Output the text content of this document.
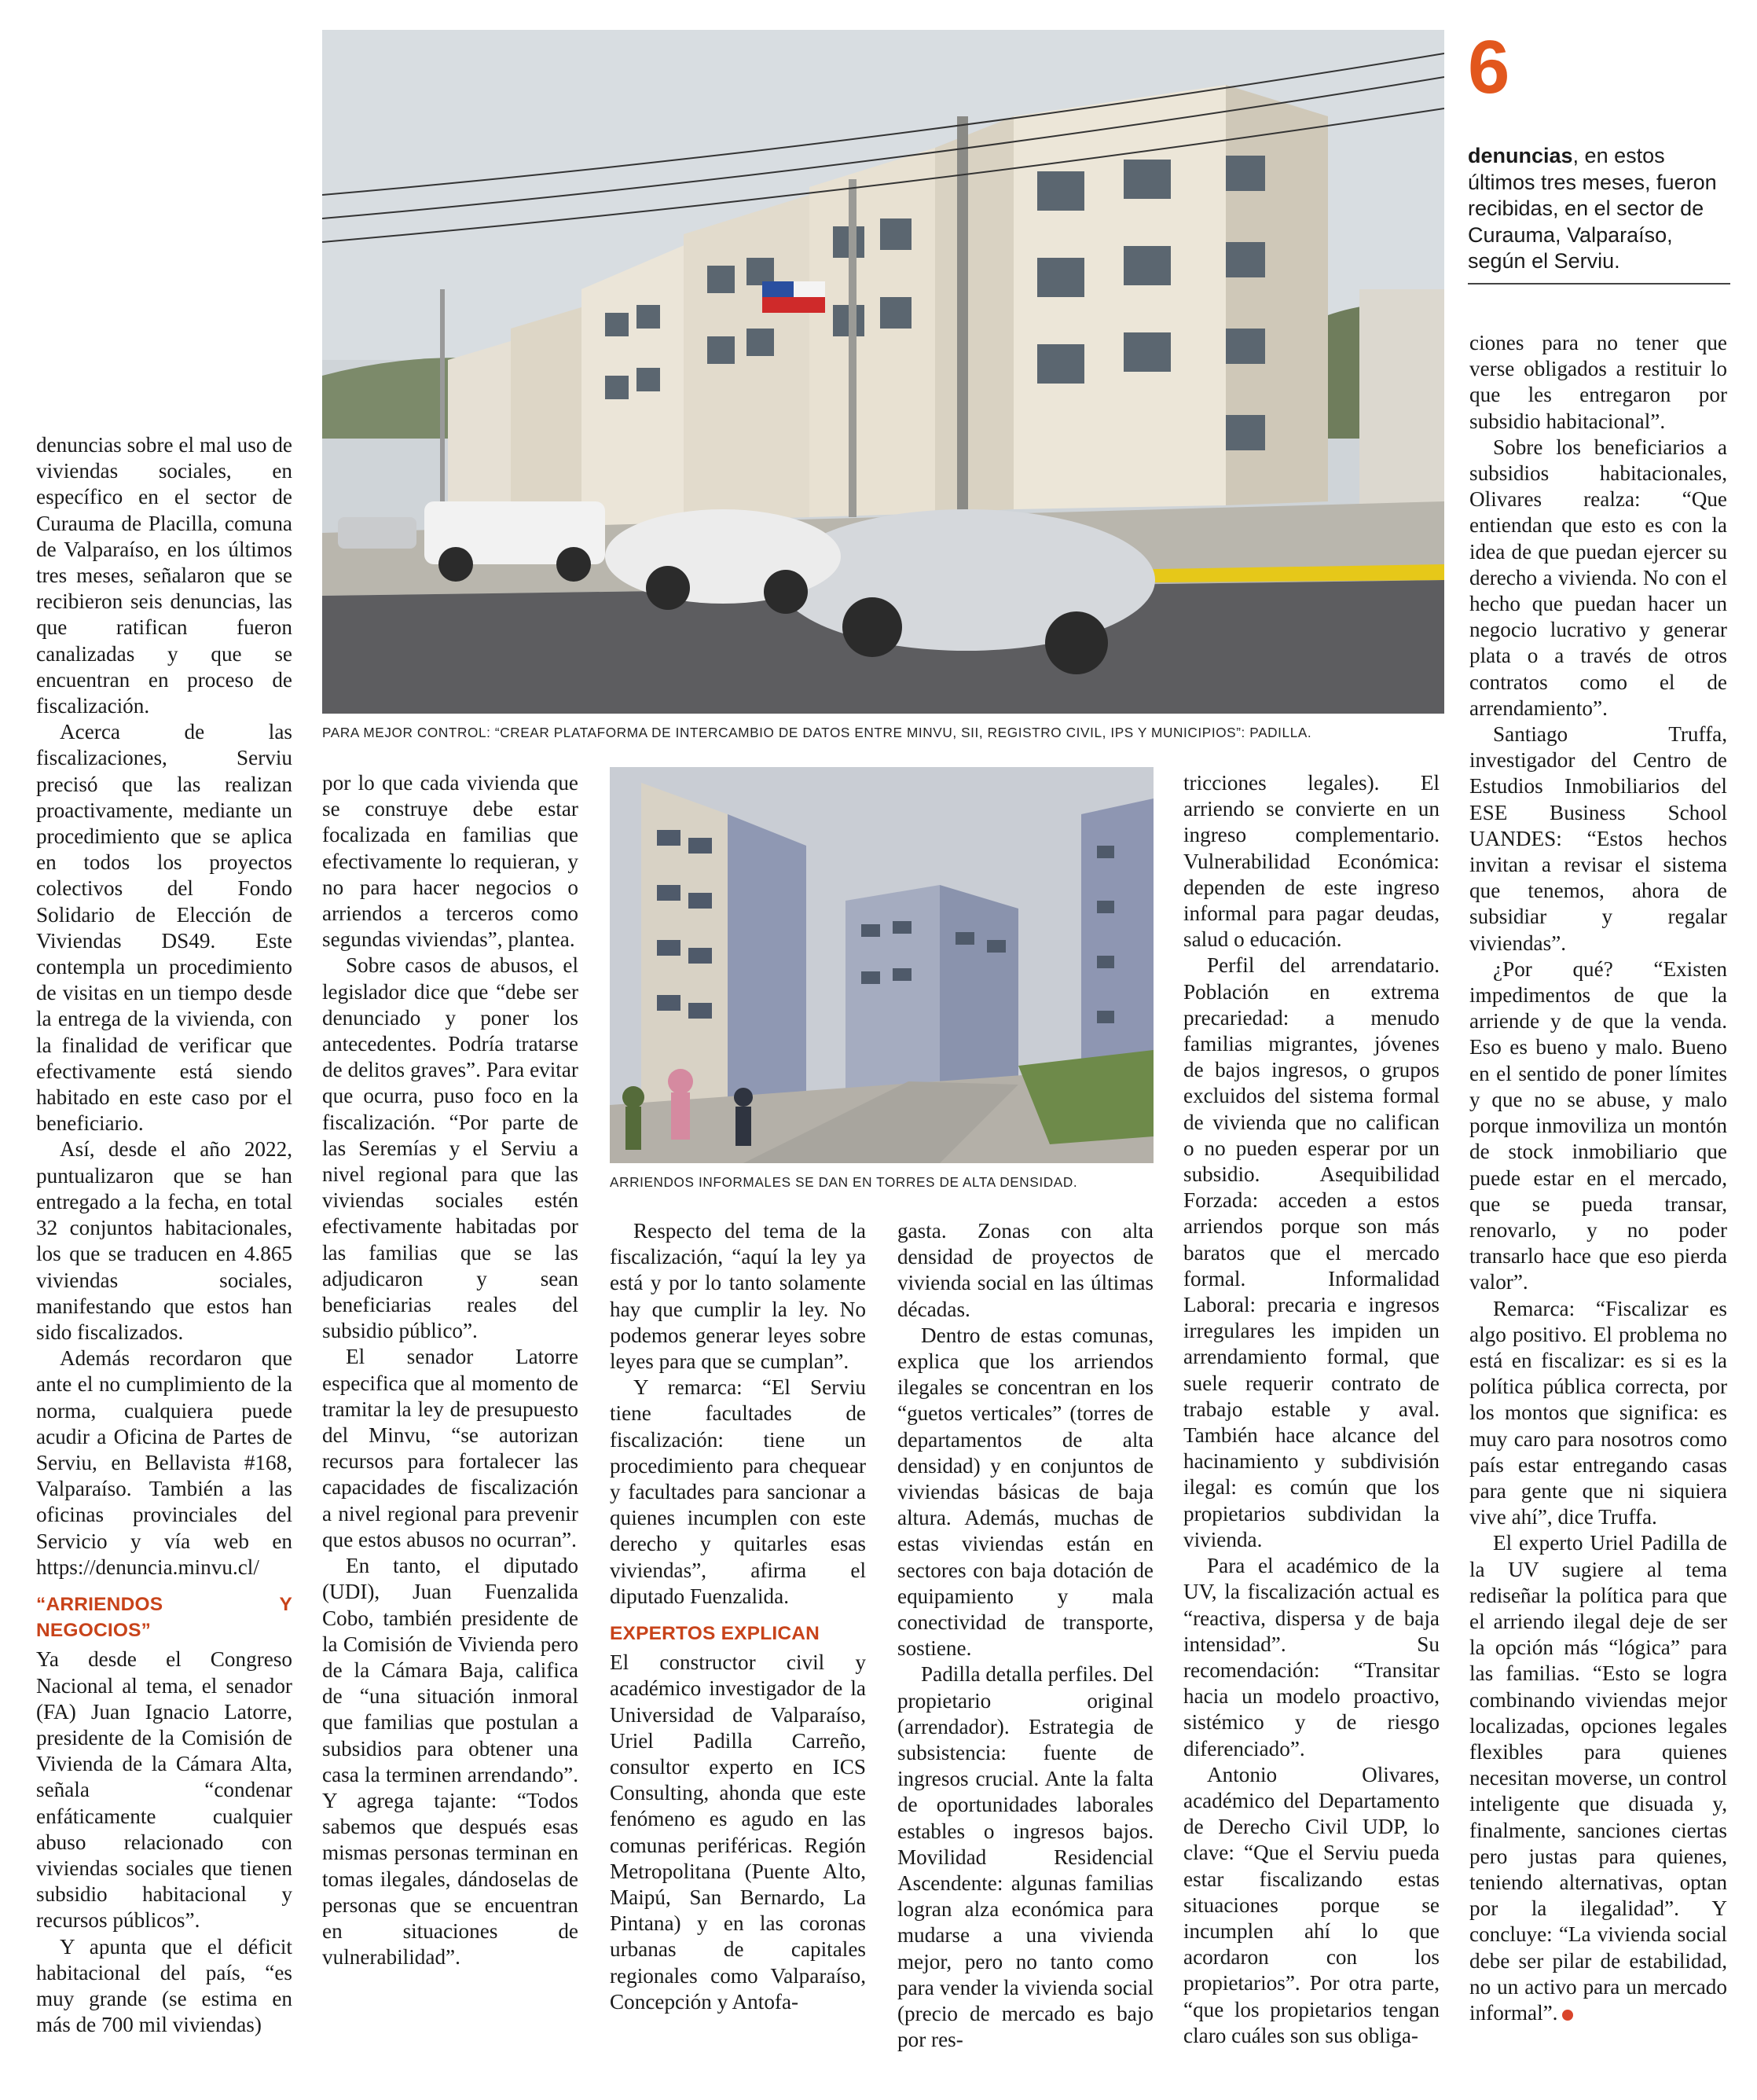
PARA MEJOR CONTROL: “CREAR PLATAFORMA DE INTERCAMBIO DE DATOS ENTRE MINVU, SII, REGISTRO CIVIL, IPS Y MUNICIPIOS”: PADILLA.
ARRIENDOS INFORMALES SE DAN EN TORRES DE ALTA DENSIDAD.
6
denuncias, en estos últimos tres meses, fueron recibidas, en el sector de Curauma, Valparaíso, según el Serviu.

denuncias sobre el mal uso de viviendas sociales, en específico en el sector de Curauma de Placilla, comuna de Valparaíso, en los últimos tres meses, señalaron que se recibieron seis denuncias, las que ratifican fueron canalizadas y que se encuentran en proceso de fiscalización.

Acerca de las fiscalizaciones, Serviu precisó que las realizan proactivamente, mediante un procedimiento que se aplica en todos los proyectos colectivos del Fondo Solidario de Elección de Viviendas DS49. Este contempla un procedimiento de visitas en un tiempo desde la entrega de la vivienda, con la finalidad de verificar que efectivamente está siendo habitado en este caso por el beneficiario.

Así, desde el año 2022, puntualizaron que se han entregado a la fecha, en total 32 conjuntos habitacionales, los que se traducen en 4.865 viviendas sociales, manifestando que estos han sido fiscalizados.

Además recordaron que ante el no cumplimiento de la norma, cualquiera puede acudir a Oficina de Partes de Serviu, en Bellavista #168, Valparaíso. También a las oficinas provinciales del Servicio y vía web en https://denuncia.minvu.cl/

“ARRIENDOS Y NEGOCIOS”

Ya desde el Congreso Nacional al tema, el senador (FA) Juan Ignacio Latorre, presidente de la Comisión de Vivienda de la Cámara Alta, señala “condenar enfáticamente cualquier abuso relacionado con viviendas sociales que tienen subsidio habitacional y recursos públicos”.

Y apunta que el déficit habitacional del país, “es muy grande (se estima en más de 700 mil viviendas)

por lo que cada vivienda que se construye debe estar focalizada en familias que efectivamente lo requieran, y no para hacer negocios o arriendos a terceros como segundas viviendas”, plantea.

Sobre casos de abusos, el legislador dice que “debe ser denunciado y poner los antecedentes. Podría tratarse de delitos graves”. Para evitar que ocurra, puso foco en la fiscalización. “Por parte de las Seremías y el Serviu a nivel regional para que las viviendas sociales estén efectivamente habitadas por las familias que se las adjudicaron y sean beneficiarias reales del subsidio público”.

El senador Latorre especifica que al momento de tramitar la ley de presupuesto del Minvu, “se autorizan recursos para fortalecer las capacidades de fiscalización a nivel regional para prevenir que estos abusos no ocurran”.

En tanto, el diputado (UDI), Juan Fuenzalida Cobo, también presidente de la Comisión de Vivienda pero de la Cámara Baja, califica de “una situación inmoral que familias que postulan a subsidios para obtener una casa la terminen arrendando”. Y agrega tajante: “Todos sabemos que después esas mismas personas terminan en tomas ilegales, dándoselas de personas que se encuentran en situaciones de vulnerabilidad”.

Respecto del tema de la fiscalización, “aquí la ley ya está y por lo tanto solamente hay que cumplir la ley. No podemos generar leyes sobre leyes para que se cumplan”.

Y remarca: “El Serviu tiene facultades de fiscalización: tiene un procedimiento para chequear y facultades para sancionar a quienes incumplen con este derecho y quitarles esas viviendas”, afirma el diputado Fuenzalida.

EXPERTOS EXPLICAN

El constructor civil y académico investigador de la Universidad de Valparaíso, Uriel Padilla Carreño, consultor experto en ICS Consulting, ahonda que este fenómeno es agudo en las comunas periféricas. Región Metropolitana (Puente Alto, Maipú, San Bernardo, La Pintana) y en las coronas urbanas de capitales regionales como Valparaíso, Concepción y Antofa-

gasta. Zonas con alta densidad de proyectos de vivienda social en las últimas décadas.

Dentro de estas comunas, explica que los arriendos ilegales se concentran en los “guetos verticales” (torres de departamentos de alta densidad) y en conjuntos de viviendas básicas de baja altura. Además, muchas de estas viviendas están en sectores con baja dotación de equipamiento y mala conectividad de transporte, sostiene.

Padilla detalla perfiles. Del propietario original (arrendador). Estrategia de subsistencia: fuente de ingresos crucial. Ante la falta de oportunidades laborales estables o ingresos bajos. Movilidad Residencial Ascendente: algunas familias logran alza económica para mudarse a una vivienda mejor, pero no tanto como para vender la vivienda social (precio de mercado es bajo por res-

tricciones legales). El arriendo se convierte en un ingreso complementario. Vulnerabilidad Económica: dependen de este ingreso informal para pagar deudas, salud o educación.

Perfil del arrendatario. Población en extrema precariedad: a menudo familias migrantes, jóvenes de bajos ingresos, o grupos excluidos del sistema formal de vivienda que no califican o no pueden esperar por un subsidio. Asequibilidad Forzada: acceden a estos arriendos porque son más baratos que el mercado formal. Informalidad Laboral: precaria e ingresos irregulares les impiden un arrendamiento formal, que suele requerir contrato de trabajo estable y aval. También hace alcance del hacinamiento y subdivisión ilegal: es común que los propietarios subdividan la vivienda.

Para el académico de la UV, la fiscalización actual es “reactiva, dispersa y de baja intensidad”. Su recomendación: “Transitar hacia un modelo proactivo, sistémico y de riesgo diferenciado”.

Antonio Olivares, académico del Departamento de Derecho Civil UDP, lo clave: “Que el Serviu pueda estar fiscalizando estas situaciones porque se incumplen ahí lo que acordaron con los propietarios”. Por otra parte, “que los propietarios tengan claro cuáles son sus obliga-

ciones para no tener que verse obligados a restituir lo que les entregaron por subsidio habitacional”.

Sobre los beneficiarios a subsidios habitacionales, Olivares realza: “Que entiendan que esto es con la idea de que puedan ejercer su derecho a vivienda. No con el hecho que puedan hacer un negocio lucrativo y generar plata o a través de otros contratos como el de arrendamiento”.

Santiago Truffa, investigador del Centro de Estudios Inmobiliarios del ESE Business School UANDES: “Estos hechos invitan a revisar el sistema que tenemos, ahora de subsidiar y regalar viviendas”.

¿Por qué? “Existen impedimentos de que la arriende y de que la venda. Eso es bueno y malo. Bueno en el sentido de poner límites y que no se abuse, y malo porque inmoviliza un montón de stock inmobiliario que puede estar en el mercado, que se pueda transar, renovarlo, y no poder transarlo hace que eso pierda valor”.

Remarca: “Fiscalizar es algo positivo. El problema no está en fiscalizar: es si es la política pública correcta, por los montos que significa: es muy caro para nosotros como país estar entregando casas para gente que ni siquiera vive ahí”, dice Truffa.

El experto Uriel Padilla de la UV sugiere al tema rediseñar la política para que el arriendo ilegal deje de ser la opción más “lógica” para las familias. “Esto se logra combinando viviendas mejor localizadas, opciones legales flexibles para quienes necesitan moverse, un control inteligente que disuada y, finalmente, sanciones ciertas pero justas para quienes, teniendo alternativas, optan por la ilegalidad”. Y concluye: “La vivienda social debe ser pilar de estabilidad, no un activo para un mercado informal”.
